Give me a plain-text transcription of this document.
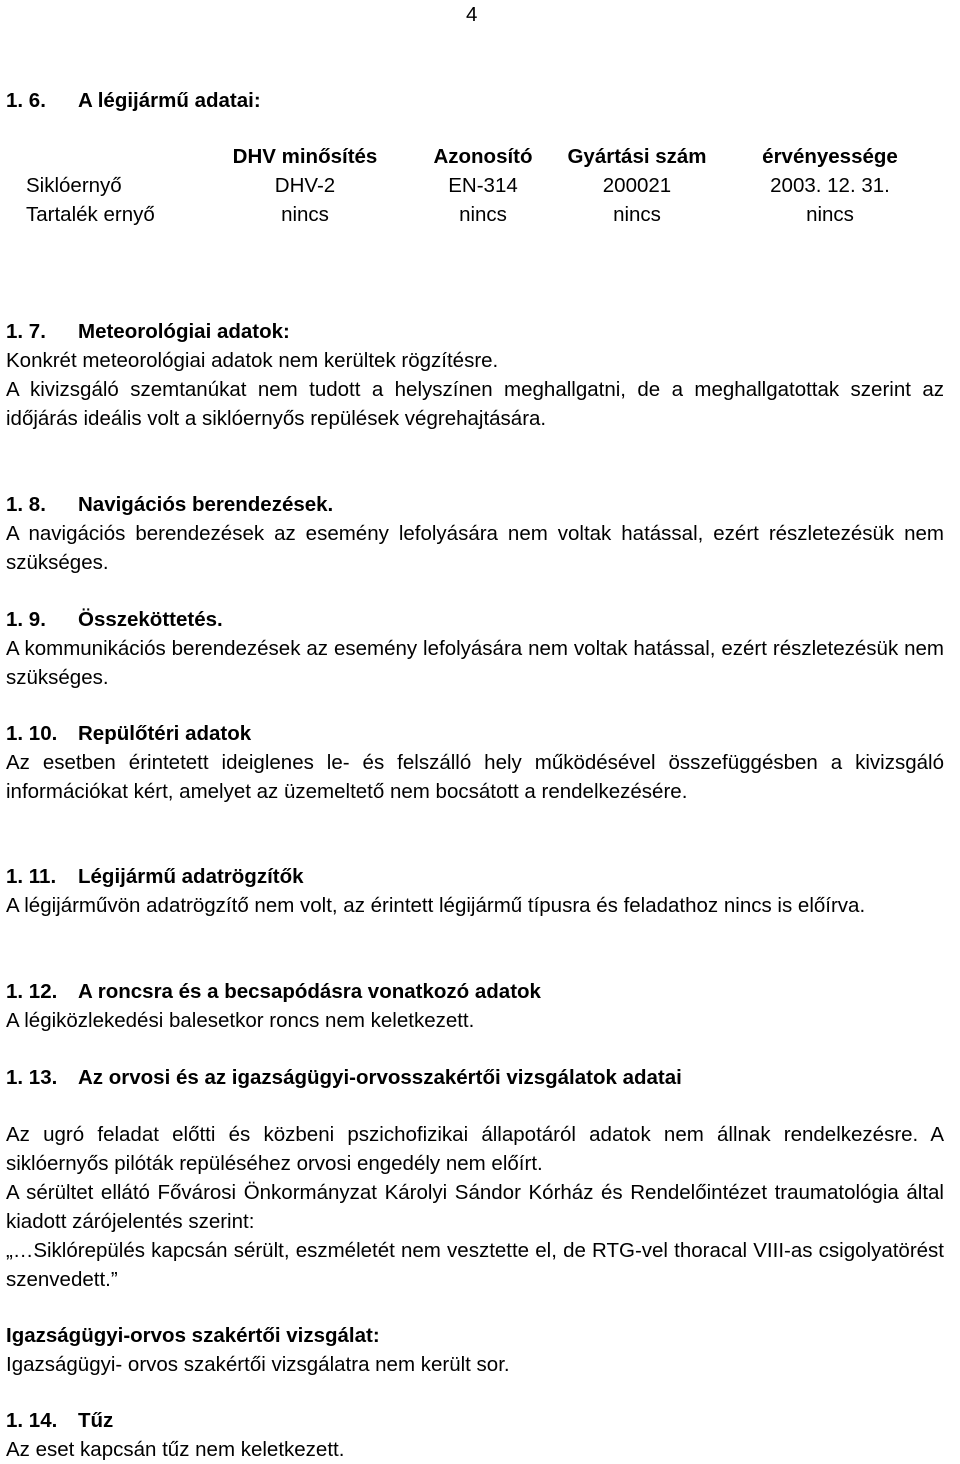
4
1. 6. A légijármű adatai:
	DHV minősítés	Azonosító	Gyártási szám	érvényessége
Siklóernyő	DHV-2	EN-314	200021	2003. 12. 31.
Tartalék ernyő	nincs	nincs	nincs	nincs
1. 7. Meteorológiai adatok:
Konkrét meteorológiai adatok nem kerültek rögzítésre.
A kivizsgáló szemtanúkat nem tudott a helyszínen meghallgatni, de a meghallgatottak szerint az időjárás ideális volt a siklóernyős repülések végrehajtására.
1. 8. Navigációs berendezések.
A navigációs berendezések az esemény lefolyására nem voltak hatással, ezért részletezésük nem szükséges.
1. 9. Összeköttetés.
A kommunikációs berendezések az esemény lefolyására nem voltak hatással, ezért részletezésük nem szükséges.
1. 10. Repülőtéri adatok
Az esetben érintetett ideiglenes le- és felszálló hely működésével összefüggésben a kivizsgáló információkat kért, amelyet az üzemeltető nem bocsátott a rendelkezésére.
1. 11. Légijármű adatrögzítők
A légijárművön adatrögzítő nem volt, az érintett légijármű típusra és feladathoz nincs is előírva.
1. 12. A roncsra és a becsapódásra vonatkozó adatok
A légiközlekedési balesetkor roncs nem keletkezett.
1. 13. Az orvosi és az igazságügyi-orvosszakértői vizsgálatok adatai
Az ugró feladat előtti és közbeni pszichofizikai állapotáról adatok nem állnak rendelkezésre. A siklóernyős pilóták repüléséhez orvosi engedély nem előírt.
A sérültet ellátó Fővárosi Önkormányzat Károlyi Sándor Kórház és Rendelőintézet traumatológia által kiadott zárójelentés szerint:
„…Siklórepülés kapcsán sérült, eszméletét nem vesztette el, de RTG-vel thoracal VIII-as csigolyatörést szenvedett.”
Igazságügyi-orvos szakértői vizsgálat:
Igazságügyi- orvos szakértői vizsgálatra nem került sor.
1. 14. Tűz
Az eset kapcsán tűz nem keletkezett.
